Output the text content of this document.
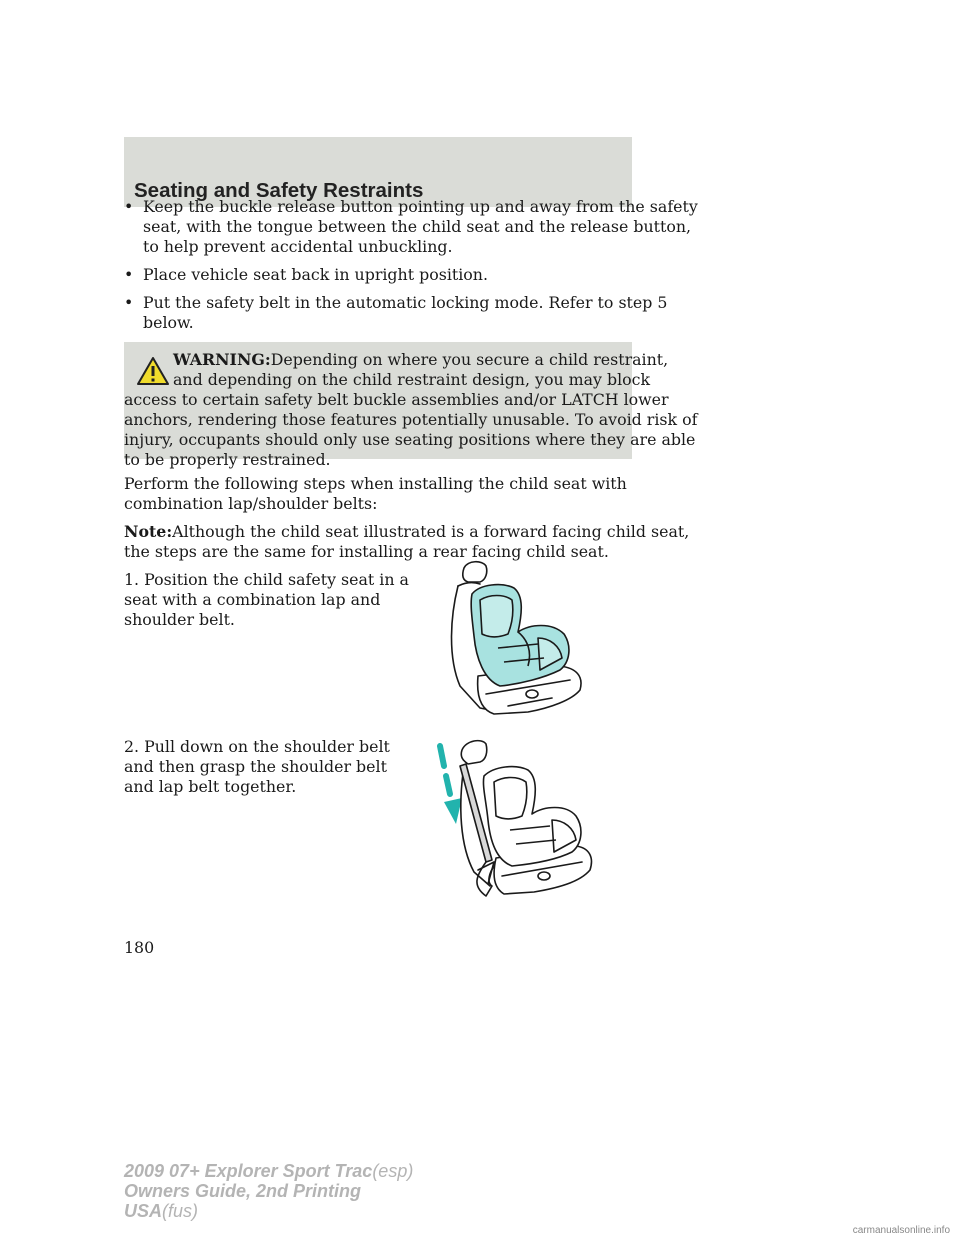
Seating and Safety Restraints
•
Keep the buckle release button pointing up and away from the safety
seat, with the tongue between the child seat and the release button,
to help prevent accidental unbuckling.
•
Place vehicle seat back in upright position.
•
Put the safety belt in the automatic locking mode. Refer to step 5
below.
WARNING:Depending on where you secure a child restraint,
and depending on the child restraint design, you may block
access to certain safety belt buckle assemblies and/or LATCH lower
anchors, rendering those features potentially unusable. To avoid risk of
injury, occupants should only use seating positions where they are able
to be properly restrained.
Perform the following steps when installing the child seat with
combination lap/shoulder belts:
Note:Although the child seat illustrated is a forward facing child seat,
the steps are the same for installing a rear facing child seat.
1. Position the child safety seat in a
seat with a combination lap and
shoulder belt.
2. Pull down on the shoulder belt
and then grasp the shoulder belt
and lap belt together.
180
2009 07+ Explorer Sport Trac(esp)
Owners Guide, 2nd Printing
USA(fus)
carmanualsonline.info
